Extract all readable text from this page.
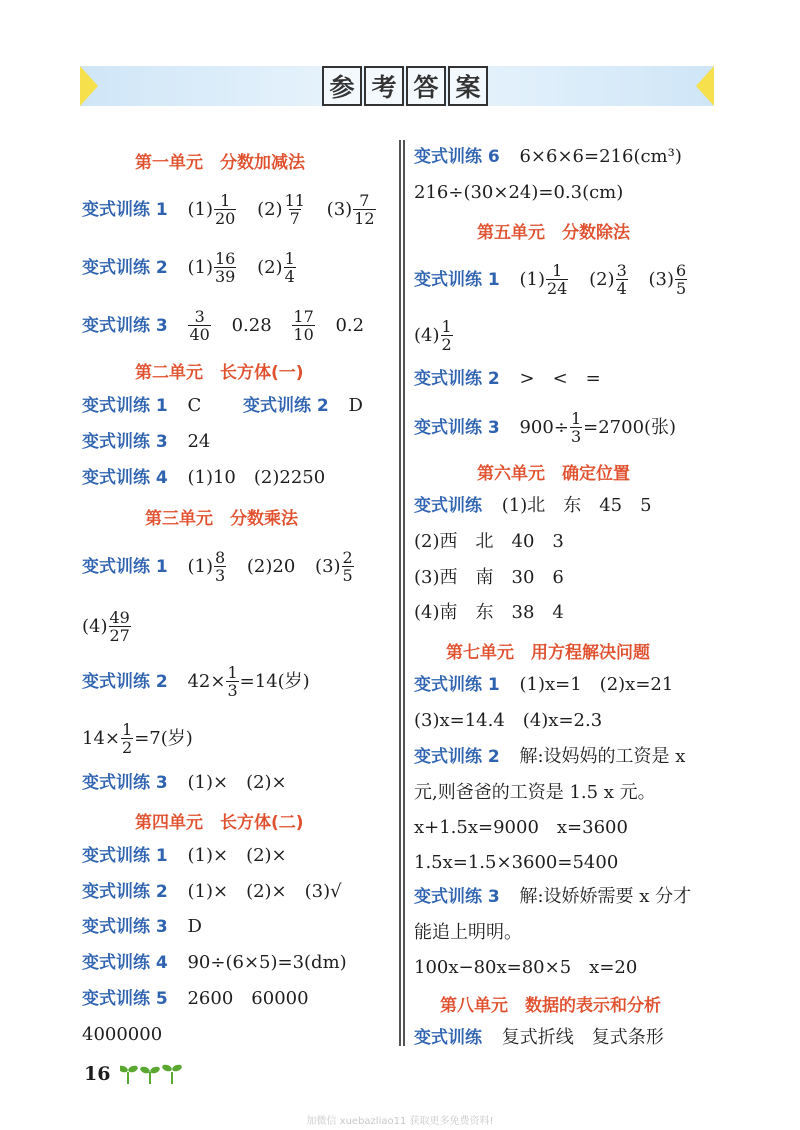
参 考 答 案
第一单元　分数加减法
变式训练 1 $(1) \frac{1}{20} (2) \frac{11}{7} (3) \frac{7}{12}$
变式训练 2 $(1) \frac{16}{39} (2) \frac{1}{4}$
变式训练 $3 \frac{3}{40} 0.28 \frac{17}{10} 0.2$
第二单元　长方体(一)
变式训练 1 C 变式训练 2 D
变式训练 3 24
变式训练 4 (1)10　(2)2250
第三单元　分数乘法
变式训练 1 $(1) \frac{8}{3} (2)20$ $(3) \frac{2}{5}$
$(4) \frac{49}{27}$
变式训练 2 $42\times \frac{1}{3} =14$(岁)
$14\times \frac{1}{2} =7$(岁)
变式训练 3 (1)×　(2)×
第四单元　长方体(二)
变式训练 1 (1)×　(2)×
变式训练 2 (1)×　(2)×　(3)√
变式训练 3 D
变式训练 4 90÷(6×5)=3(dm)
变式训练 5 2600　60000
4000000
变式训练 6 6×6×6=216(cm³)
216÷(30×24)=0.3(cm)
第五单元　分数除法
变式训练 1 $(1) \frac{1}{24} (2) \frac{3}{4} (3) \frac{6}{5}$
$(4) \frac{1}{2}$
变式训练 2 >　<　=
变式训练 3 $900\div \frac{1}{3} =2700$(张)
第六单元　确定位置
变式训练 (1)北　东　45　5
(2)西　北　40　3
(3)西　南　30　6
(4)南　东　38　4
第七单元　用方程解决问题
变式训练 1 (1)x=1　(2)x=21
(3)x=14.4　(4)x=2.3
变式训练 2 解:设妈妈的工资是 x
元,则爸爸的工资是 1.5 x 元。
x+1.5x=9000　x=3600
1.5x=1.5×3600=5400
变式训练 3 解:设娇娇需要 x 分才
能追上明明。
100x−80x=80×5　x=20
第八单元　数据的表示和分析
变式训练 复式折线　复式条形
16
加微信 xuebazliao11 获取更多免费资料!
